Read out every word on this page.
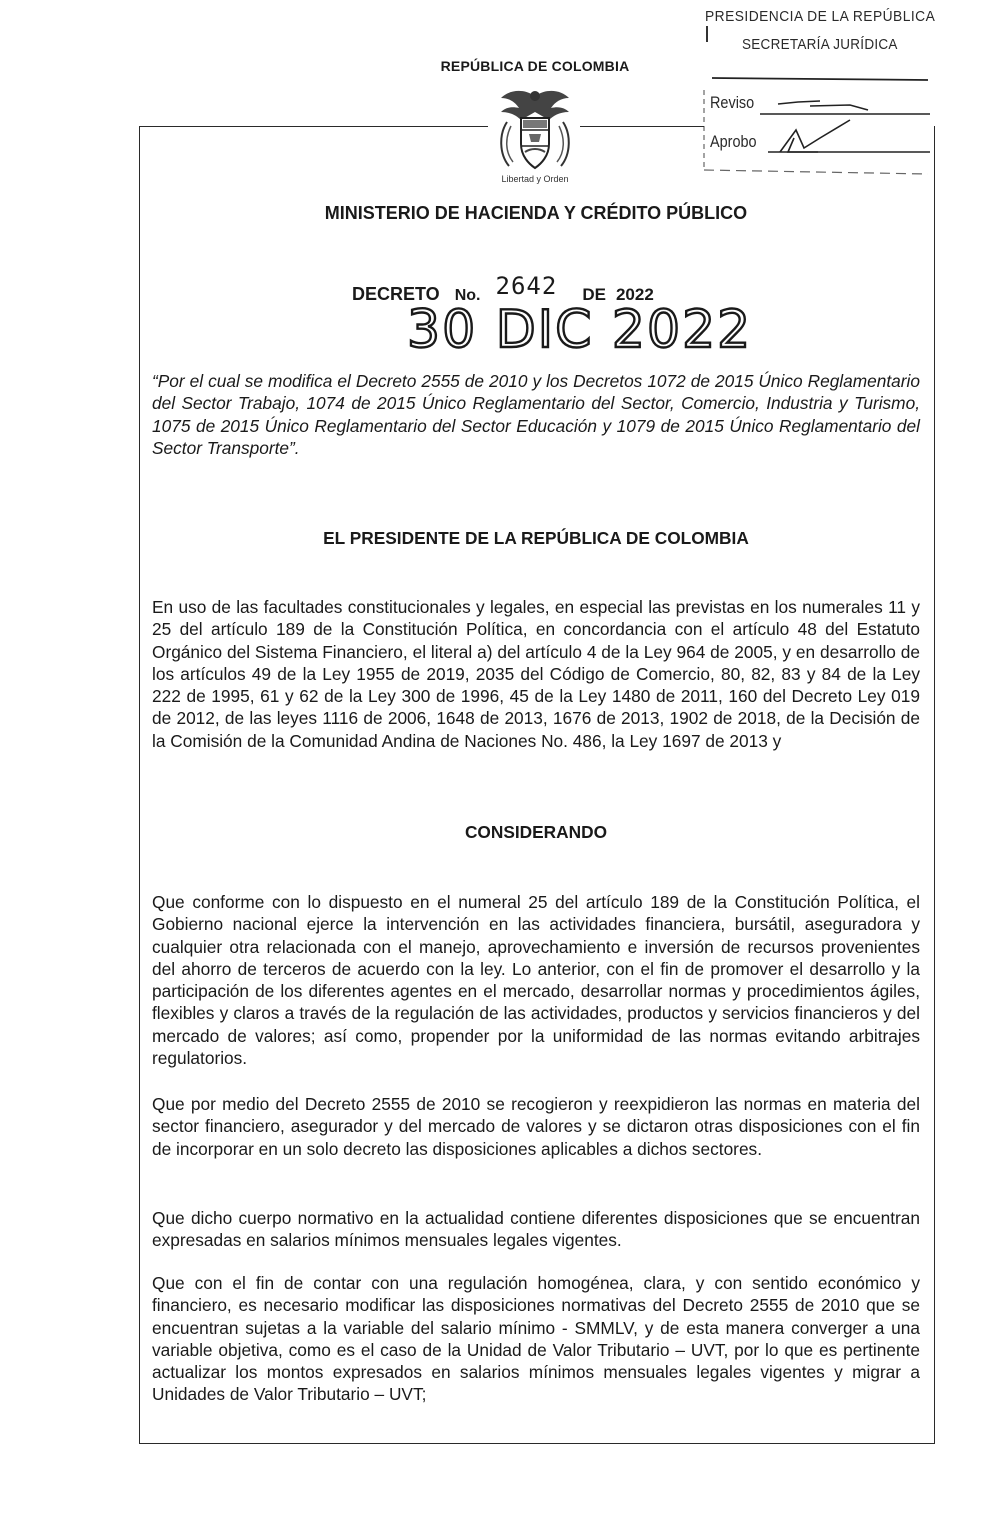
PRESIDENCIA DE LA REPÚBLICA
SECRETARÍA JURÍDICA
Reviso
Aprobo
REPÚBLICA DE COLOMBIA
Libertad y Orden
MINISTERIO DE HACIENDA Y CRÉDITO PÚBLICO
DECRETO No. 2642 DE 2022
30 DIC 2022
“Por el cual se modifica el Decreto 2555 de 2010 y los Decretos 1072 de 2015 Único Reglamentario del Sector Trabajo, 1074 de 2015 Único Reglamentario del Sector, Comercio, Industria y Turismo, 1075 de 2015 Único Reglamentario del Sector Educación y 1079 de 2015 Único Reglamentario del Sector Transporte”.
EL PRESIDENTE DE LA REPÚBLICA DE COLOMBIA
En uso de las facultades constitucionales y legales, en especial las previstas en los numerales 11 y 25 del artículo 189 de la Constitución Política, en concordancia con el artículo 48 del Estatuto Orgánico del Sistema Financiero, el literal a) del artículo 4 de la Ley 964 de 2005, y en desarrollo de los artículos 49 de la Ley 1955 de 2019, 2035 del Código de Comercio, 80, 82, 83 y 84 de la Ley 222 de 1995, 61 y 62 de la Ley 300 de 1996, 45 de la Ley 1480 de 2011, 160 del Decreto Ley 019 de 2012, de las leyes 1116 de 2006, 1648 de 2013, 1676 de 2013, 1902 de 2018, de la Decisión de la Comisión de la Comunidad Andina de Naciones No. 486, la Ley 1697 de 2013 y
CONSIDERANDO
Que conforme con lo dispuesto en el numeral 25 del artículo 189 de la Constitución Política, el Gobierno nacional ejerce la intervención en las actividades financiera, bursátil, aseguradora y cualquier otra relacionada con el manejo, aprovechamiento e inversión de recursos provenientes del ahorro de terceros de acuerdo con la ley. Lo anterior, con el fin de promover el desarrollo y la participación de los diferentes agentes en el mercado, desarrollar normas y procedimientos ágiles, flexibles y claros a través de la regulación de las actividades, productos y servicios financieros y del mercado de valores; así como, propender por la uniformidad de las normas evitando arbitrajes regulatorios.
Que por medio del Decreto 2555 de 2010 se recogieron y reexpidieron las normas en materia del sector financiero, asegurador y del mercado de valores y se dictaron otras disposiciones con el fin de incorporar en un solo decreto las disposiciones aplicables a dichos sectores.
Que dicho cuerpo normativo en la actualidad contiene diferentes disposiciones que se encuentran expresadas en salarios mínimos mensuales legales vigentes.
Que con el fin de contar con una regulación homogénea, clara, y con sentido económico y financiero, es necesario modificar las disposiciones normativas del Decreto 2555 de 2010 que se encuentran sujetas a la variable del salario mínimo - SMMLV, y de esta manera converger a una variable objetiva, como es el caso de la Unidad de Valor Tributario – UVT, por lo que es pertinente actualizar los montos expresados en salarios mínimos mensuales legales vigentes y migrar a Unidades de Valor Tributario – UVT;
